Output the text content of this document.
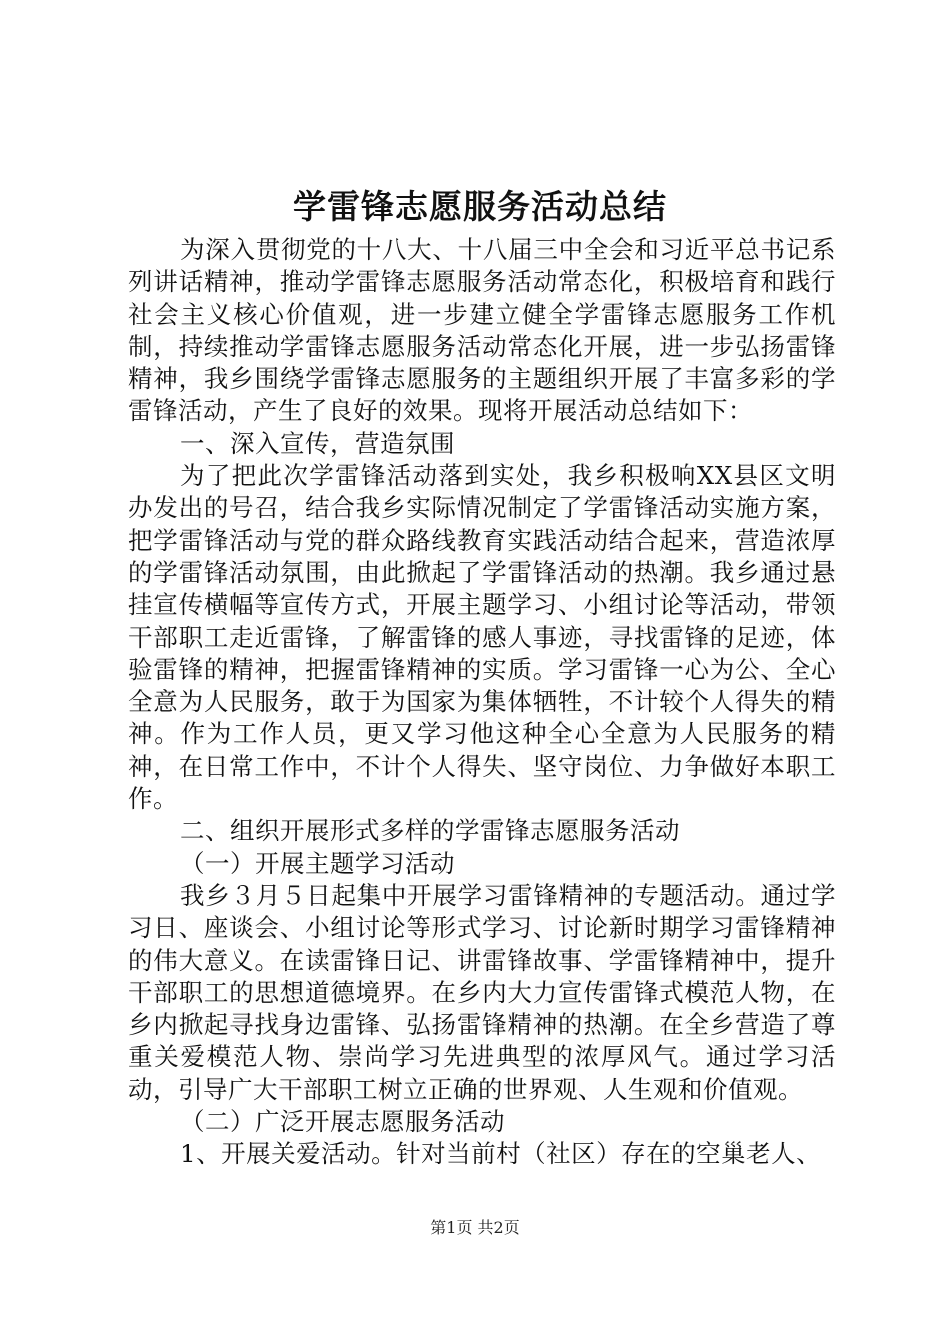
学雷锋志愿服务活动总结

为深入贯彻党的十八大、十八届三中全会和习近平总书记系列讲话精神，推动学雷锋志愿服务活动常态化，积极培育和践行社会主义核心价值观，进一步建立健全学雷锋志愿服务工作机制，持续推动学雷锋志愿服务活动常态化开展，进一步弘扬雷锋精神，我乡围绕学雷锋志愿服务的主题组织开展了丰富多彩的学雷锋活动，产生了良好的效果。现将开展活动总结如下：

一、深入宣传，营造氛围

为了把此次学雷锋活动落到实处，我乡积极响XX县区文明办发出的号召，结合我乡实际情况制定了学雷锋活动实施方案，把学雷锋活动与党的群众路线教育实践活动结合起来，营造浓厚的学雷锋活动氛围，由此掀起了学雷锋活动的热潮。我乡通过悬挂宣传横幅等宣传方式，开展主题学习、小组讨论等活动，带领干部职工走近雷锋，了解雷锋的感人事迹，寻找雷锋的足迹，体验雷锋的精神，把握雷锋精神的实质。学习雷锋一心为公、全心全意为人民服务，敢于为国家为集体牺牲，不计较个人得失的精神。作为工作人员，更又学习他这种全心全意为人民服务的精神，在日常工作中，不计个人得失、坚守岗位、力争做好本职工作。

二、组织开展形式多样的学雷锋志愿服务活动

（一）开展主题学习活动

我乡３月５日起集中开展学习雷锋精神的专题活动。通过学习日、座谈会、小组讨论等形式学习、讨论新时期学习雷锋精神的伟大意义。在读雷锋日记、讲雷锋故事、学雷锋精神中，提升干部职工的思想道德境界。在乡内大力宣传雷锋式模范人物，在乡内掀起寻找身边雷锋、弘扬雷锋精神的热潮。在全乡营造了尊重关爱模范人物、崇尚学习先进典型的浓厚风气。通过学习活动，引导广大干部职工树立正确的世界观、人生观和价值观。

（二）广泛开展志愿服务活动

1、开展关爱活动。针对当前村（社区）存在的空巢老人、

第1页 共2页
